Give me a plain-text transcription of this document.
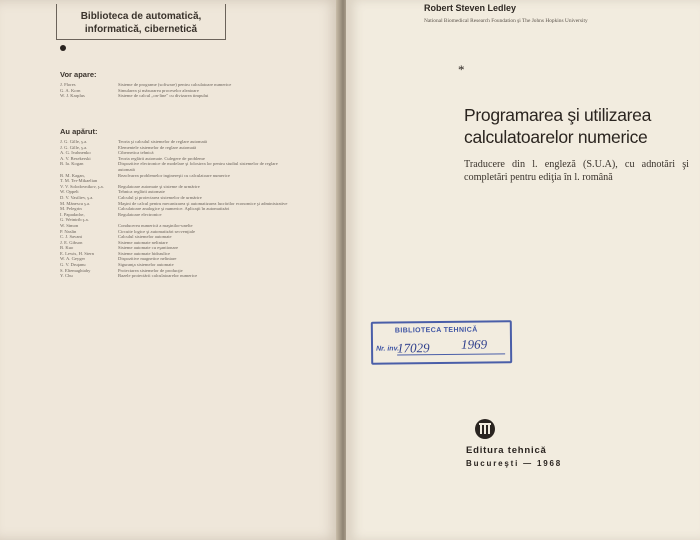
Biblioteca de automatică,
informatică, cibernetică
Vor apare:
J. Flores	Sisteme de programe (software) pentru calculatoare numerice
G. A. Korn	Simularea şi măsurarea proceselor aleatoare
W. J. Karplus	Sisteme de calcul „on-line" cu divizarea timpului
Au apărut:
J. G. Gille, ş.a.	Teoria şi calculul sistemelor de reglare automată
J. G. Gille, ş.a.	Elementele sistemelor de reglare automată
A. G. Ivahnenko	Cibernetica tehnică
A. V. Besekerski	Teoria reglării automate. Culegere de probleme
B. Ia. Kogan	Dispozitive electronice de modelare şi folosirea lor pentru studiul sistemelor de reglare automată
B. M. Kagan,	Rezolvarea problemelor inginereşti cu calculatoare numerice
T. M. Ter-Mikaelian
V. V. Solodovnikov, ş.a.	Regulatoare automate şi sisteme de urmărire
W. Oppelt	Tehnica reglării automate
D. V. Vasiliev, ş.a.	Calculul şi proiectarea sistemelor de urmărire
M. Mănescu ş.a.	Maşini de calcul pentru mecanizarea şi automatizarea lucrărilor economice şi administrative
M. Pelegrin	Calculatoare analogice şi numerice. Aplicaţii în automatizări
I. Papadache,	Regulatoare electronice
G. Weintrib ş.a.
W. Simon	Conducerea numerică a maşinilor-unelte
P. Naslin	Circuite logice şi automatizări secvenţiale
C. J. Savant	Calculul sistemelor automate
J. E. Gibson	Sisteme automate neliniare
B. Kuo	Sisteme automate cu eşantionare
E. Lewis, H. Stern	Sisteme automate hidraulice
W. A. Geyger	Dispozitive magnetice neliniare
G. V. Druţanu	Siguranţa sistemelor automate
S. Eltemaghtahy	Proiectarea sistemelor de producţie
Y. Chu	Bazele proiectării calculatoarelor numerice
Robert Steven Ledley
National Biomedical Research Foundation şi The Johns Hopkins University
*
Programarea şi utilizarea
calculatoarelor numerice
Traducere din l. engleză (S.U.A), cu adnotări şi completări pentru ediţia în l. română
BIBLIOTECA TEHNICĂ
Nr. inv.
17029 1969
Editura tehnică
Bucureşti — 1968
